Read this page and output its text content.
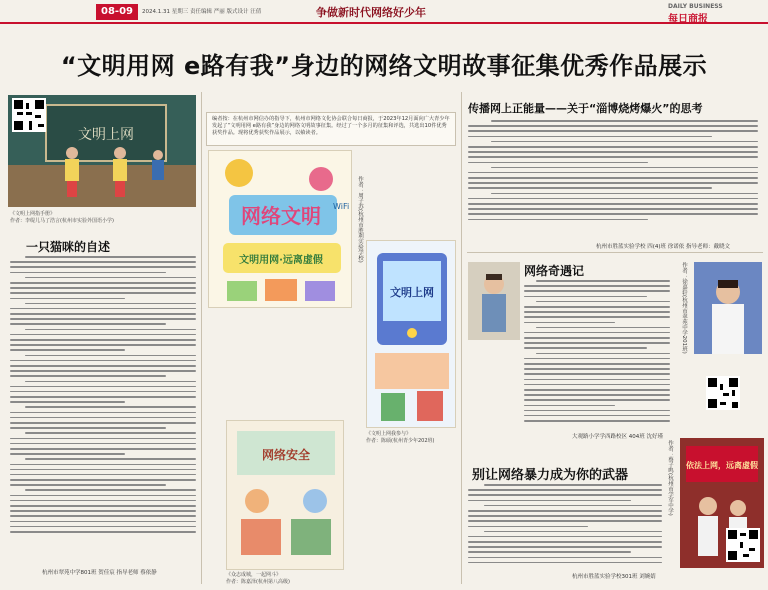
08-09	2024.1.31 星期三 责任编辑 严丽 版式设计 汪倩	争做新时代网络好少年	DAILY BUSINESS
每日商报
“文明用网 e路有我”身边的网络文明故事征集优秀作品展示
文明上网
《文明上网指手册》
作者：李缇儿马了浩言(杭州市实验外国语小学)
一只猫咪的自述
杭州市翠苑中学801班 贺佳宸 指导老师 蔡依静
编者按：在杭州市网信办的指导下，杭州市网络文化协会联合每日商报，于2023年12月面向广大青少年发起了“文明用网 e路有我”身边的网络文明故事征集。经过了一个多月的征集和评选，共选出10件优秀获奖作品。现将优秀获奖作品展示，以飨读者。
网络文明
文明用网·远离虚假
WiFi 作者：周子苏(杭州市胜利实验学校)
文明上网
《文明上网我参与》
作者：陈硕(杭州青少年202班)
网络安全
《众志成城，一起网斗》
作者：陈嘉泽(杭州第八高级)
传播网上正能量——关于“淄博烧烤爆火”的思考
杭州市胜蓝实验学校 四(4)班 徐诺依 指导老师：戴晓文
网络奇遇记
大观路小学学西路校区 404班 沈好瑾
作者：徐嘉轩(杭州市翠苑中学201班)
别让网络暴力成为你的武器
杭州市胜蓝实验学校301班 刘婉婧
作者：蔡子鸣(杭州市学军中学) 依法上网，远离虚假
